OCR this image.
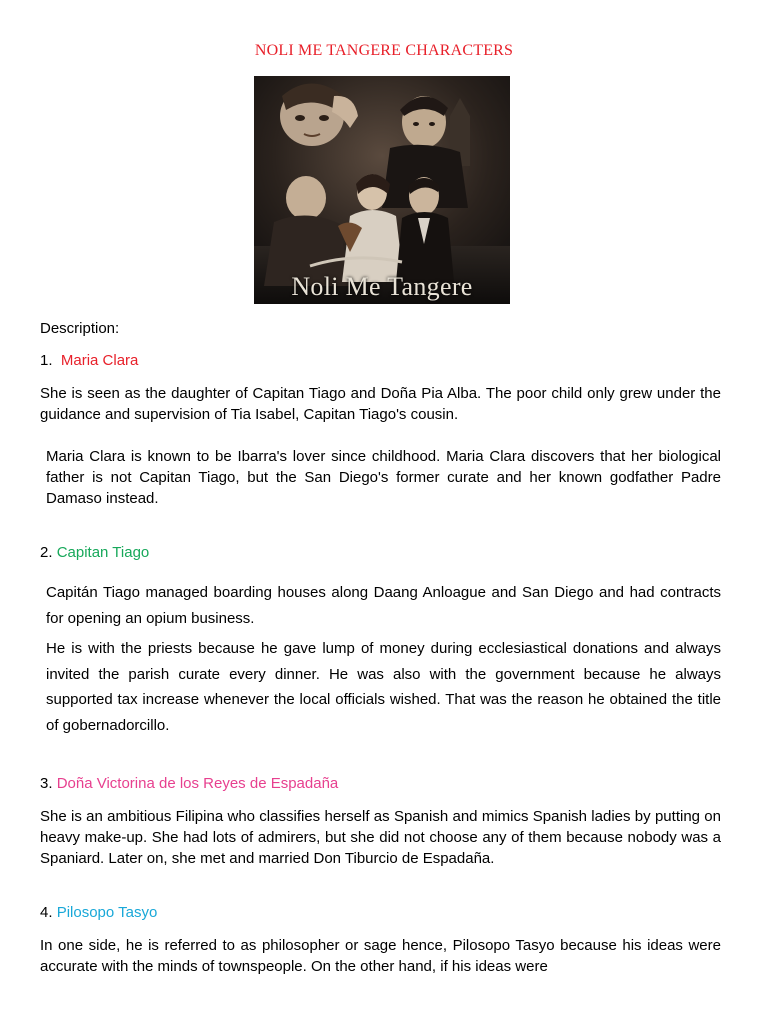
NOLI ME TANGERE CHARACTERS
Noli Me Tangere
Description:
1. Maria Clara
She is seen as the daughter of Capitan Tiago and Doña Pia Alba. The poor child only grew under the guidance and supervision of Tia Isabel, Capitan Tiago's cousin.
Maria Clara is known to be Ibarra's lover since childhood. Maria Clara discovers that her biological father is not Capitan Tiago, but the San Diego's former curate and her known godfather Padre Damaso instead.
2. Capitan Tiago
Capitán Tiago managed boarding houses along Daang Anloague and San Diego and had contracts for opening an opium business.
He is with the priests because he gave lump of money during ecclesiastical donations and always invited the parish curate every dinner. He was also with the government because he always supported tax increase whenever the local officials wished. That was the reason he obtained the title of gobernadorcillo.
3. Doña Victorina de los Reyes de Espadaña
She is an ambitious Filipina who classifies herself as Spanish and mimics Spanish ladies by putting on heavy make-up. She had lots of admirers, but she did not choose any of them because nobody was a Spaniard. Later on, she met and married Don Tiburcio de Espadaña.
4. Pilosopo Tasyo
In one side, he is referred to as philosopher or sage hence, Pilosopo Tasyo because his ideas were accurate with the minds of townspeople. On the other hand, if his ideas were
